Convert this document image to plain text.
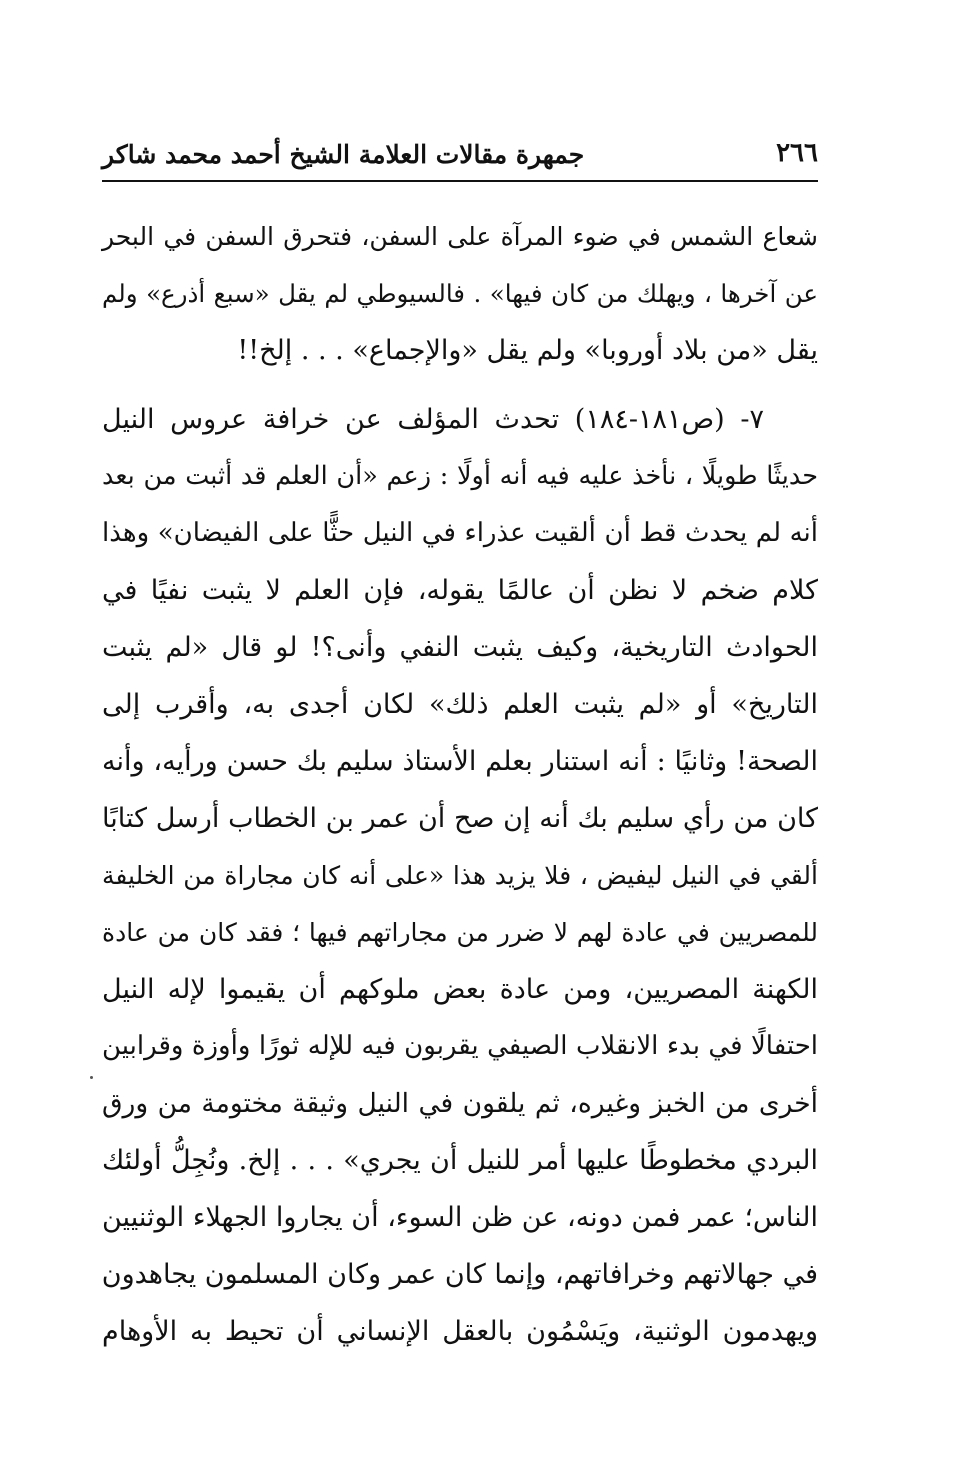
٢٦٦
جمهرة مقالات العلامة الشيخ أحمد محمد شاكر
شعاع الشمس في ضوء المرآة على السفن، فتحرق السفن في البحر
عن آخرها ، ويهلك من كان فيها» . فالسيوطي لم يقل «سبع أذرع» ولم
يقل «من بلاد أوروبا» ولم يقل «والإجماع» . . . إلخ!!
٧- (ص١٨١-١٨٤) تحدث المؤلف عن خرافة عروس النيل
حديثًا طويلًا ، نأخذ عليه فيه أنه أولًا : زعم «أن العلم قد أثبت من بعد
أنه لم يحدث قط أن ألقيت عذراء في النيل حثًّا على الفيضان» وهذا
كلام ضخم لا نظن أن عالمًا يقوله، فإن العلم لا يثبت نفيًا في
الحوادث التاريخية، وكيف يثبت النفي وأنى؟! لو قال «لم يثبت
التاريخ» أو «لم يثبت العلم ذلك» لكان أجدى به، وأقرب إلى
الصحة! وثانيًا : أنه استنار بعلم الأستاذ سليم بك حسن ورأيه، وأنه
كان من رأي سليم بك أنه إن صح أن عمر بن الخطاب أرسل كتابًا
ألقي في النيل ليفيض ، فلا يزيد هذا «على أنه كان مجاراة من الخليفة
للمصريين في عادة لهم لا ضرر من مجاراتهم فيها ؛ فقد كان من عادة
الكهنة المصريين، ومن عادة بعض ملوكهم أن يقيموا لإله النيل
احتفالًا في بدء الانقلاب الصيفي يقربون فيه للإله ثورًا وأوزة وقرابين
أخرى من الخبز وغيره، ثم يلقون في النيل وثيقة مختومة من ورق
البردي مخطوطًا عليها أمر للنيل أن يجري» . . . إلخ. ونُجِلُّ أولئك
الناس؛ عمر فمن دونه، عن ظن السوء، أن يجاروا الجهلاء الوثنيين
في جهالاتهم وخرافاتهم، وإنما كان عمر وكان المسلمون يجاهدون
ويهدمون الوثنية، ويَسْمُون بالعقل الإنساني أن تحيط به الأوهام
